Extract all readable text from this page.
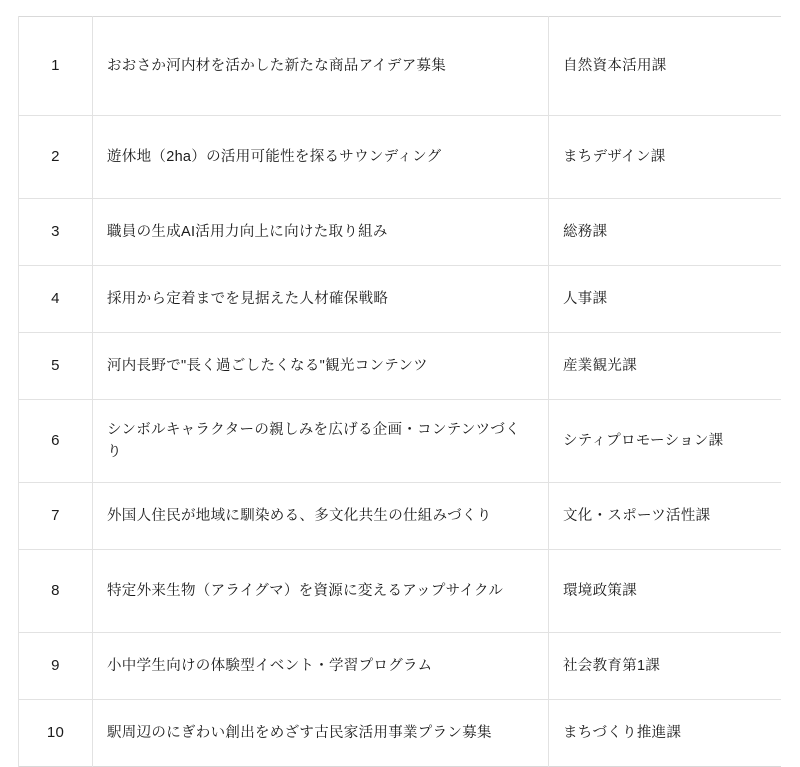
1	おおさか河内材を活かした新たな商品アイデア募集	自然資本活用課
2	遊休地（2ha）の活用可能性を探るサウンディング	まちデザイン課
3	職員の生成AI活用力向上に向けた取り組み	総務課
4	採用から定着までを見据えた人材確保戦略	人事課
5	河内長野で"長く過ごしたくなる"観光コンテンツ	産業観光課
6	シンボルキャラクターの親しみを広げる企画・コンテンツづくり	シティプロモーション課
7	外国人住民が地域に馴染める、多文化共生の仕組みづくり	文化・スポーツ活性課
8	特定外来生物（アライグマ）を資源に変えるアップサイクル	環境政策課
9	小中学生向けの体験型イベント・学習プログラム	社会教育第1課
10	駅周辺のにぎわい創出をめざす古民家活用事業プラン募集	まちづくり推進課
